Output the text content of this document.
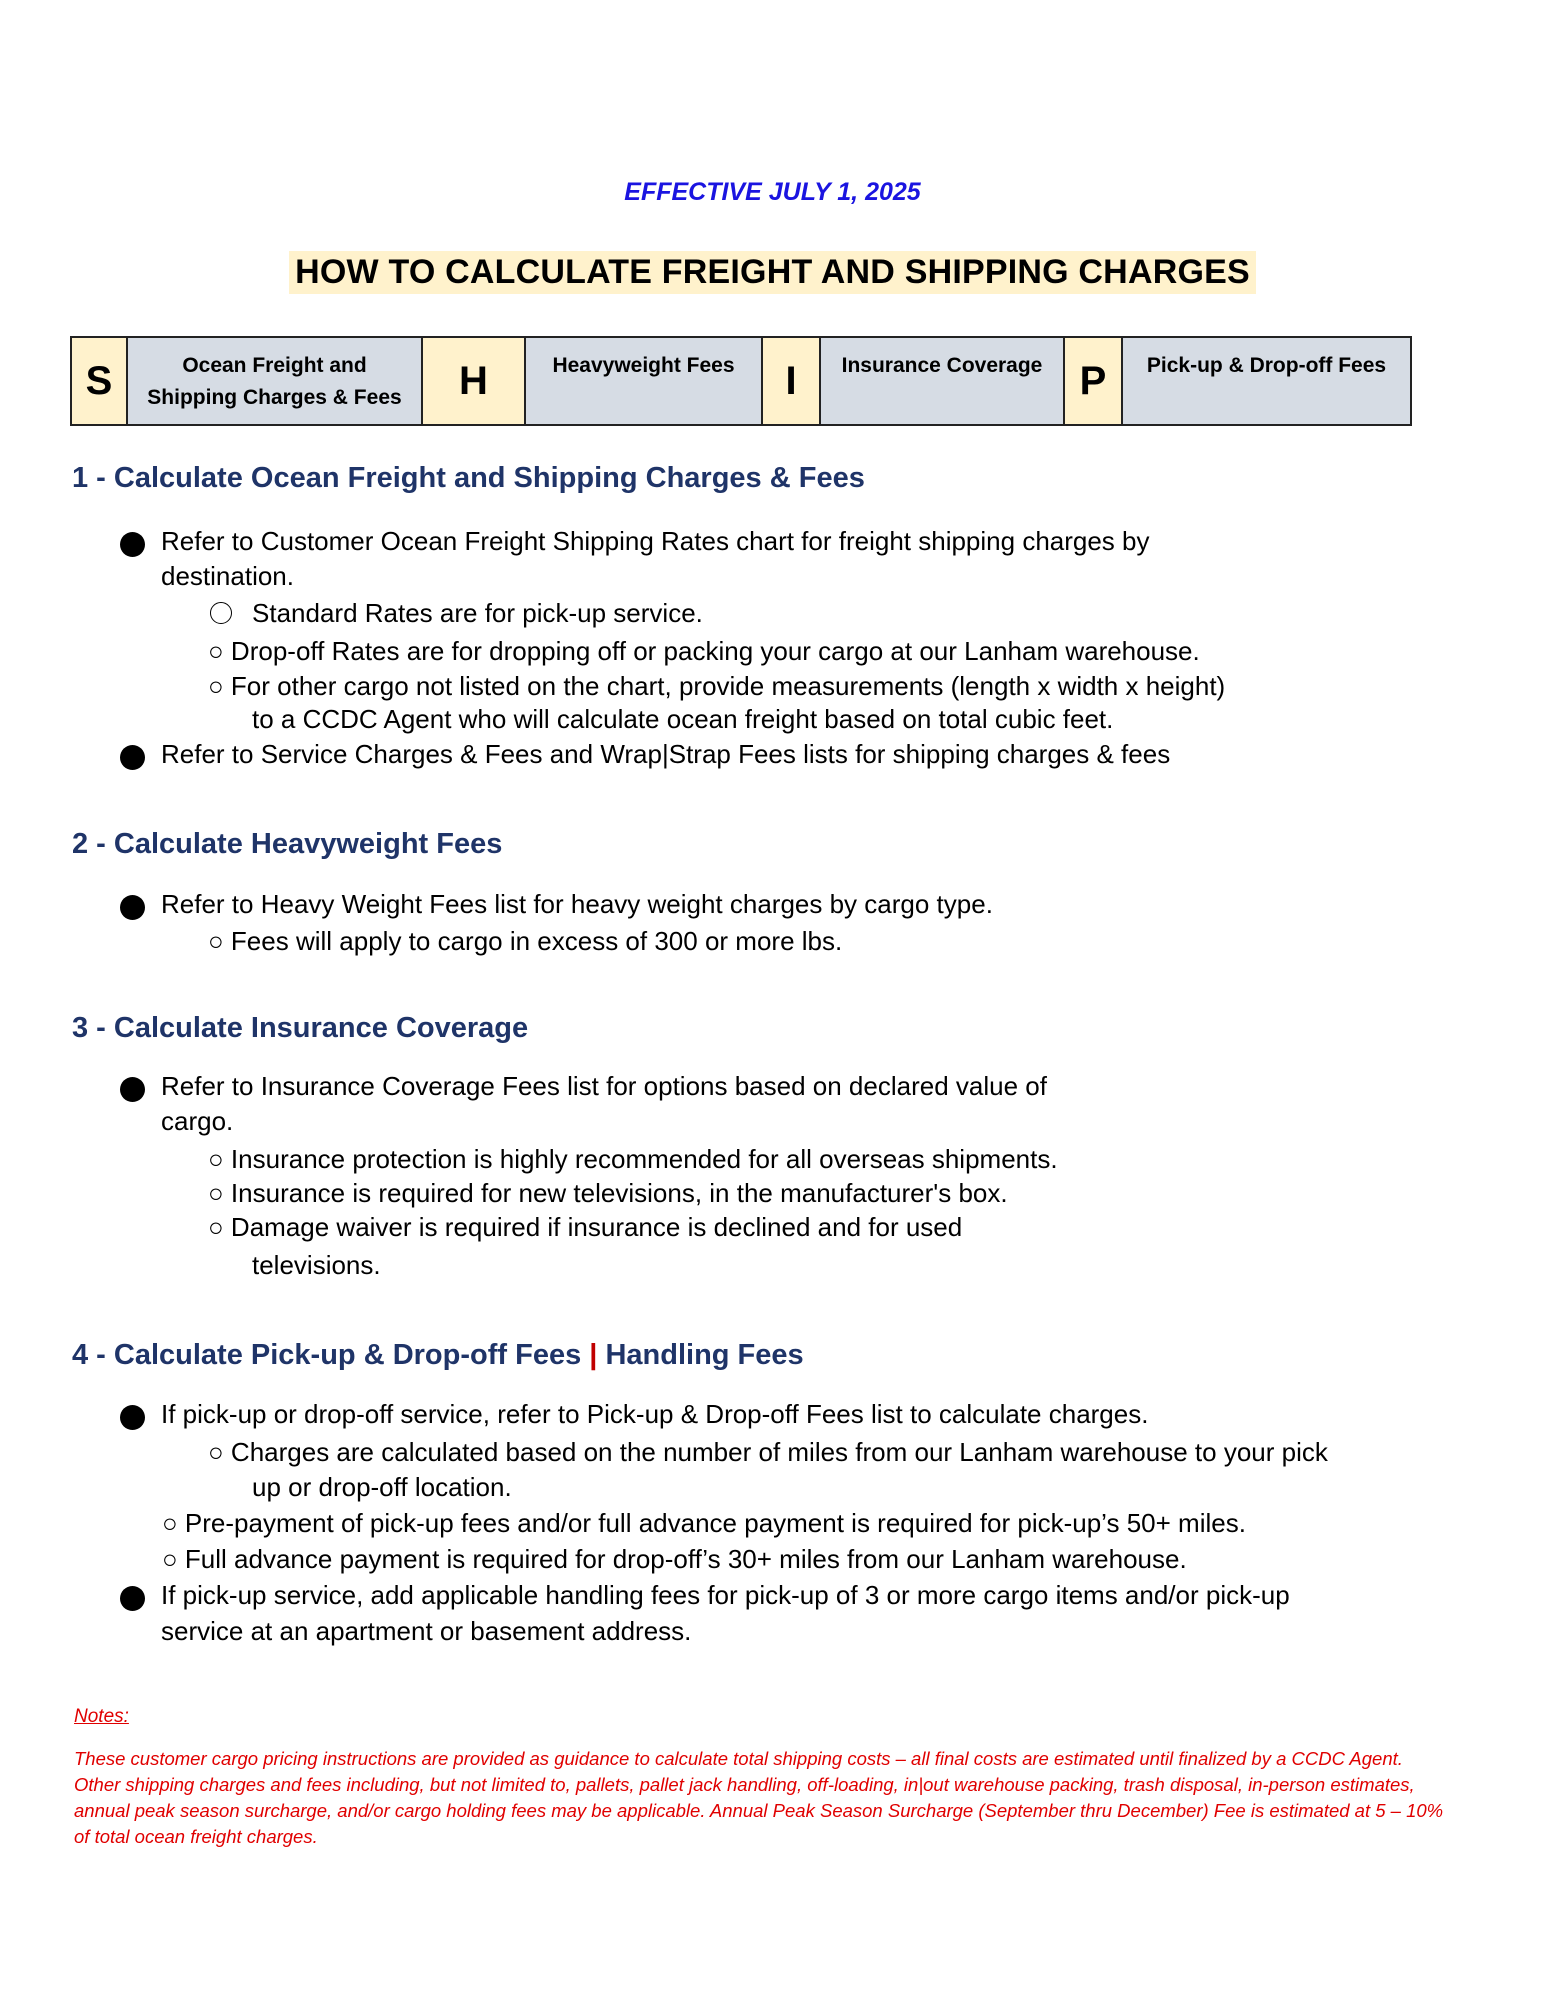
EFFECTIVE JULY 1, 2025
HOW TO CALCULATE FREIGHT AND SHIPPING CHARGES
S	Ocean Freight and
Shipping Charges & Fees	H	Heavyweight Fees	I	Insurance Coverage	P	Pick-up & Drop-off Fees
1 - Calculate Ocean Freight and Shipping Charges & Fees
Refer to Customer Ocean Freight Shipping Rates chart for freight shipping charges by
destination.
Standard Rates are for pick-up service.
○ Drop-off Rates are for dropping off or packing your cargo at our Lanham warehouse.
○ For other cargo not listed on the chart, provide measurements (length x width x height)
to a CCDC Agent who will calculate ocean freight based on total cubic feet.
Refer to Service Charges & Fees and Wrap|Strap Fees lists for shipping charges & fees
2 - Calculate Heavyweight Fees
Refer to Heavy Weight Fees list for heavy weight charges by cargo type.
○ Fees will apply to cargo in excess of 300 or more lbs.
3 - Calculate Insurance Coverage
Refer to Insurance Coverage Fees list for options based on declared value of
cargo.
○ Insurance protection is highly recommended for all overseas shipments.
○ Insurance is required for new televisions, in the manufacturer's box.
○ Damage waiver is required if insurance is declined and for used
televisions.
4 - Calculate Pick-up & Drop-off Fees | Handling Fees
If pick-up or drop-off service, refer to Pick-up & Drop-off Fees list to calculate charges.
○ Charges are calculated based on the number of miles from our Lanham warehouse to your pick
up or drop-off location.
○ Pre-payment of pick-up fees and/or full advance payment is required for pick-up’s 50+ miles.
○ Full advance payment is required for drop-off’s 30+ miles from our Lanham warehouse.
If pick-up service, add applicable handling fees for pick-up of 3 or more cargo items and/or pick-up
service at an apartment or basement address.
Notes:
These customer cargo pricing instructions are provided as guidance to calculate total shipping costs – all final costs are estimated until finalized by a CCDC Agent. Other shipping charges and fees including, but not limited to, pallets, pallet jack handling, off-loading, in|out warehouse packing, trash disposal, in-person estimates, annual peak season surcharge, and/or cargo holding fees may be applicable. Annual Peak Season Surcharge (September thru December) Fee is estimated at 5 – 10% of total ocean freight charges.
